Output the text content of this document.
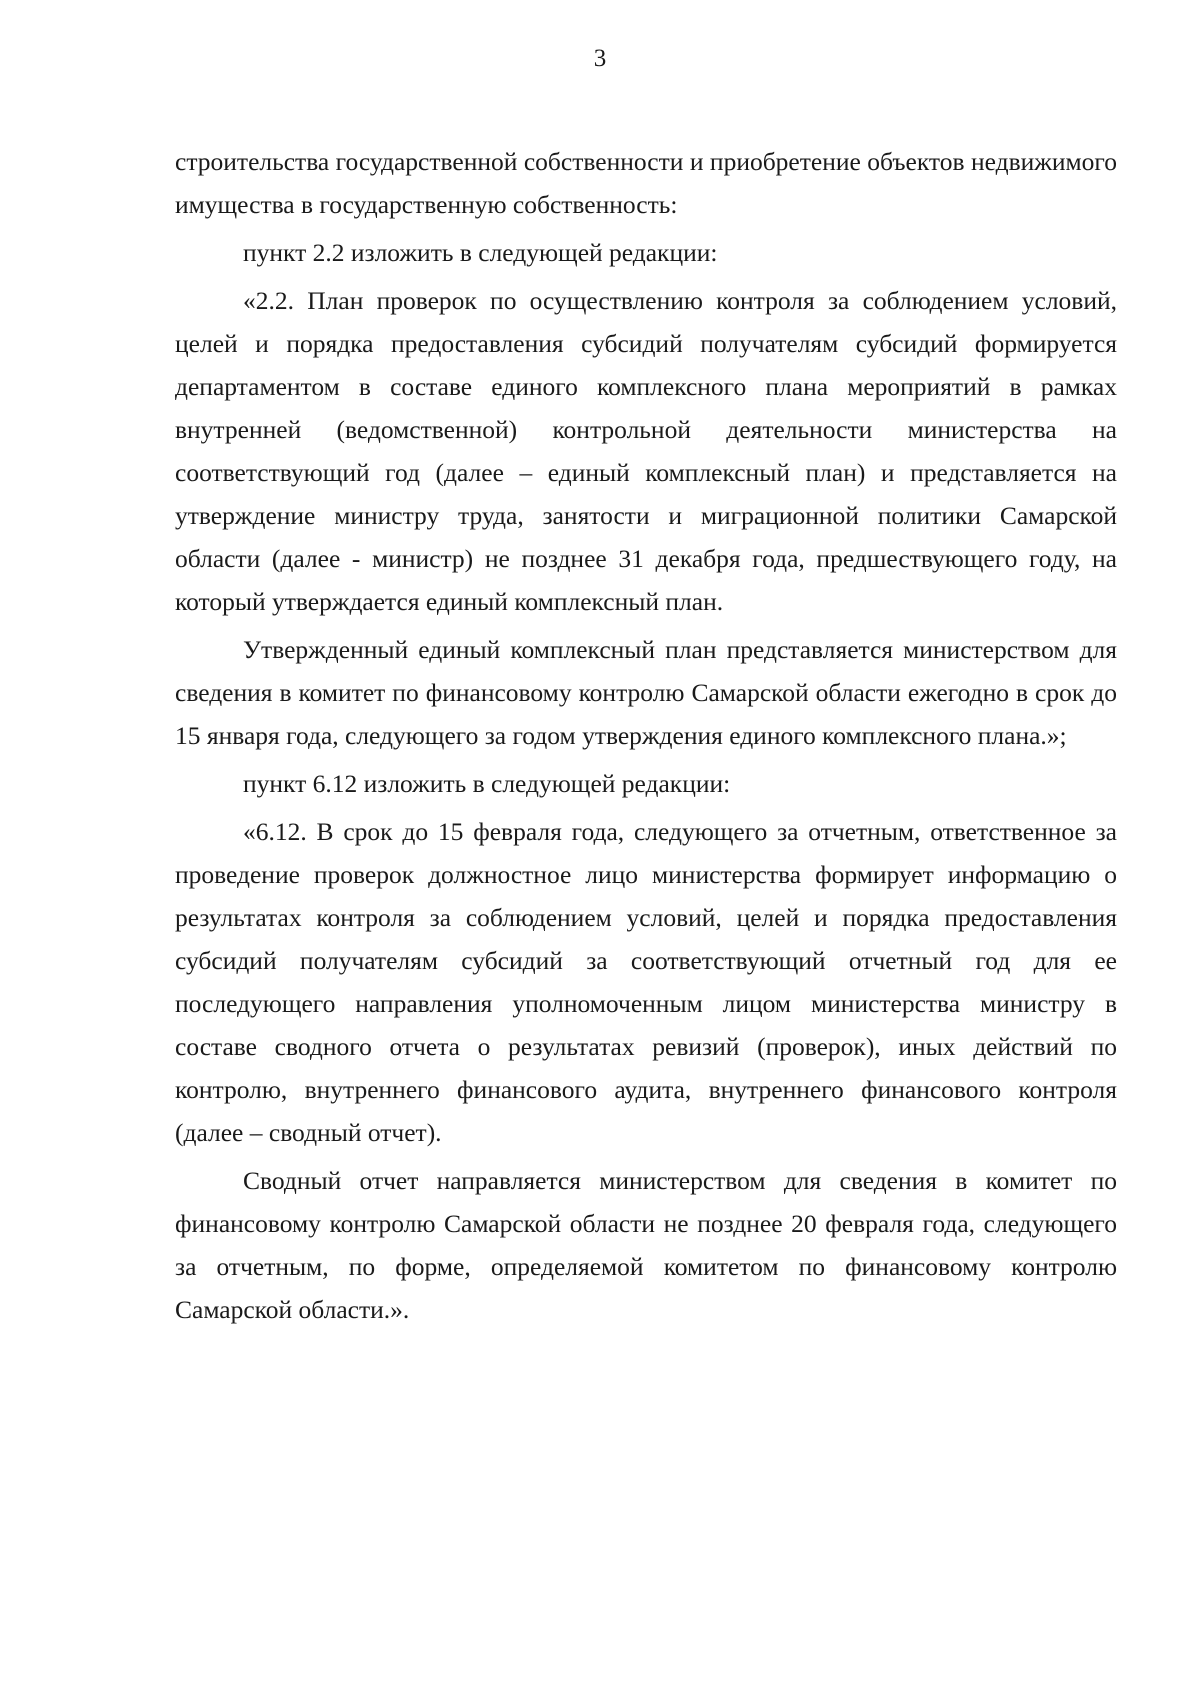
3

строительства государственной собственности и приобретение объектов недвижимого имущества в государственную собственность:

пункт 2.2 изложить в следующей редакции:

«2.2. План проверок по осуществлению контроля за соблюдением условий, целей и порядка предоставления субсидий получателям субсидий формируется департаментом в составе единого комплексного плана мероприятий в рамках внутренней (ведомственной) контрольной деятельности министерства на соответствующий год (далее – единый комплексный план) и представляется на утверждение министру труда, занятости и миграционной политики Самарской области (далее - министр) не позднее 31 декабря года, предшествующего году, на который утверждается единый комплексный план.

Утвержденный единый комплексный план представляется министерством для сведения в комитет по финансовому контролю Самарской области ежегодно в срок до 15 января года, следующего за годом утверждения единого комплексного плана.»;

пункт 6.12 изложить в следующей редакции:

«6.12. В срок до 15 февраля года, следующего за отчетным, ответственное за проведение проверок должностное лицо министерства формирует информацию о результатах контроля за соблюдением условий, целей и порядка предоставления субсидий получателям субсидий за соответствующий отчетный год для ее последующего направления уполномоченным лицом министерства министру в составе сводного отчета о результатах ревизий (проверок), иных действий по контролю, внутреннего финансового аудита, внутреннего финансового контроля (далее – сводный отчет).

Сводный отчет направляется министерством для сведения в комитет по финансовому контролю Самарской области не позднее 20 февраля года, следующего за отчетным, по форме, определяемой комитетом по финансовому контролю Самарской области.».
